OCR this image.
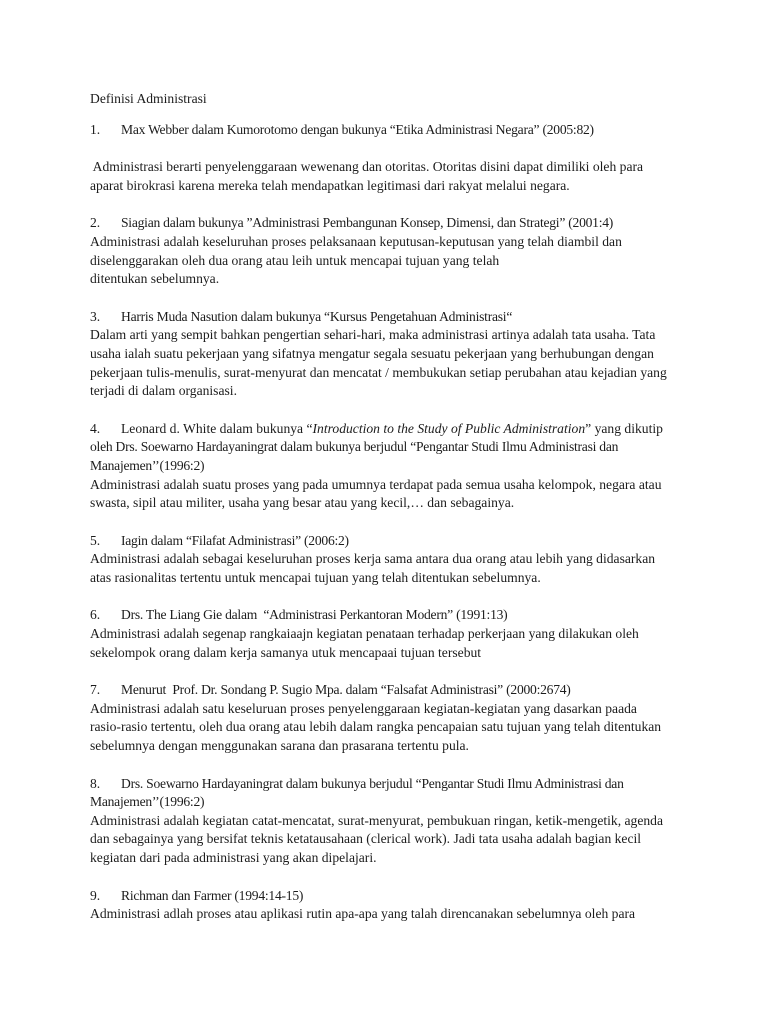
Definisi Administrasi

1. Max Webber dalam Kumorotomo dengan bukunya “Etika Administrasi Negara” (2005:82)
Administrasi berarti penyelenggaraan wewenang dan otoritas. Otoritas disini dapat dimiliki oleh para
aparat birokrasi karena mereka telah mendapatkan legitimasi dari rakyat melalui negara.
2. Siagian dalam bukunya ”Administrasi Pembangunan Konsep, Dimensi, dan Strategi” (2001:4)
Administrasi adalah keseluruhan proses pelaksanaan keputusan-keputusan yang telah diambil dan
diselenggarakan oleh dua orang atau leih untuk mencapai tujuan yang telah
ditentukan sebelumnya.
3. Harris Muda Nasution dalam bukunya “Kursus Pengetahuan Administrasi“
Dalam arti yang sempit bahkan pengertian sehari-hari, maka administrasi artinya adalah tata usaha. Tata
usaha ialah suatu pekerjaan yang sifatnya mengatur segala sesuatu pekerjaan yang berhubungan dengan
pekerjaan tulis-menulis, surat-menyurat dan mencatat / membukukan setiap perubahan atau kejadian yang
terjadi di dalam organisasi.
4. Leonard d. White dalam bukunya “Introduction to the Study of Public Administration” yang dikutip
oleh Drs. Soewarno Hardayaningrat dalam bukunya berjudul “Pengantar Studi Ilmu Administrasi dan
Manajemen’’(1996:2)
Administrasi adalah suatu proses yang pada umumnya terdapat pada semua usaha kelompok, negara atau
swasta, sipil atau militer, usaha yang besar atau yang kecil,… dan sebagainya.
5. Iagin dalam “Filafat Administrasi” (2006:2)
Administrasi adalah sebagai keseluruhan proses kerja sama antara dua orang atau lebih yang didasarkan
atas rasionalitas tertentu untuk mencapai tujuan yang telah ditentukan sebelumnya.
6. Drs. The Liang Gie dalam  “Administrasi Perkantoran Modern” (1991:13)
Administrasi adalah segenap rangkaiaajn kegiatan penataan terhadap perkerjaan yang dilakukan oleh
sekelompok orang dalam kerja samanya utuk mencapaai tujuan tersebut
7. Menurut  Prof. Dr. Sondang P. Sugio Mpa. dalam “Falsafat Administrasi” (2000:2674)
Administrasi adalah satu keseluruan proses penyelenggaraan kegiatan-kegiatan yang dasarkan paada
rasio-rasio tertentu, oleh dua orang atau lebih dalam rangka pencapaian satu tujuan yang telah ditentukan
sebelumnya dengan menggunakan sarana dan prasarana tertentu pula.
8. Drs. Soewarno Hardayaningrat dalam bukunya berjudul “Pengantar Studi Ilmu Administrasi dan
Manajemen’’(1996:2)
Administrasi adalah kegiatan catat-mencatat, surat-menyurat, pembukuan ringan, ketik-mengetik, agenda
dan sebagainya yang bersifat teknis ketatausahaan (clerical work). Jadi tata usaha adalah bagian kecil
kegiatan dari pada administrasi yang akan dipelajari.
9. Richman dan Farmer (1994:14-15)
Administrasi adlah proses atau aplikasi rutin apa-apa yang talah direncanakan sebelumnya oleh para
